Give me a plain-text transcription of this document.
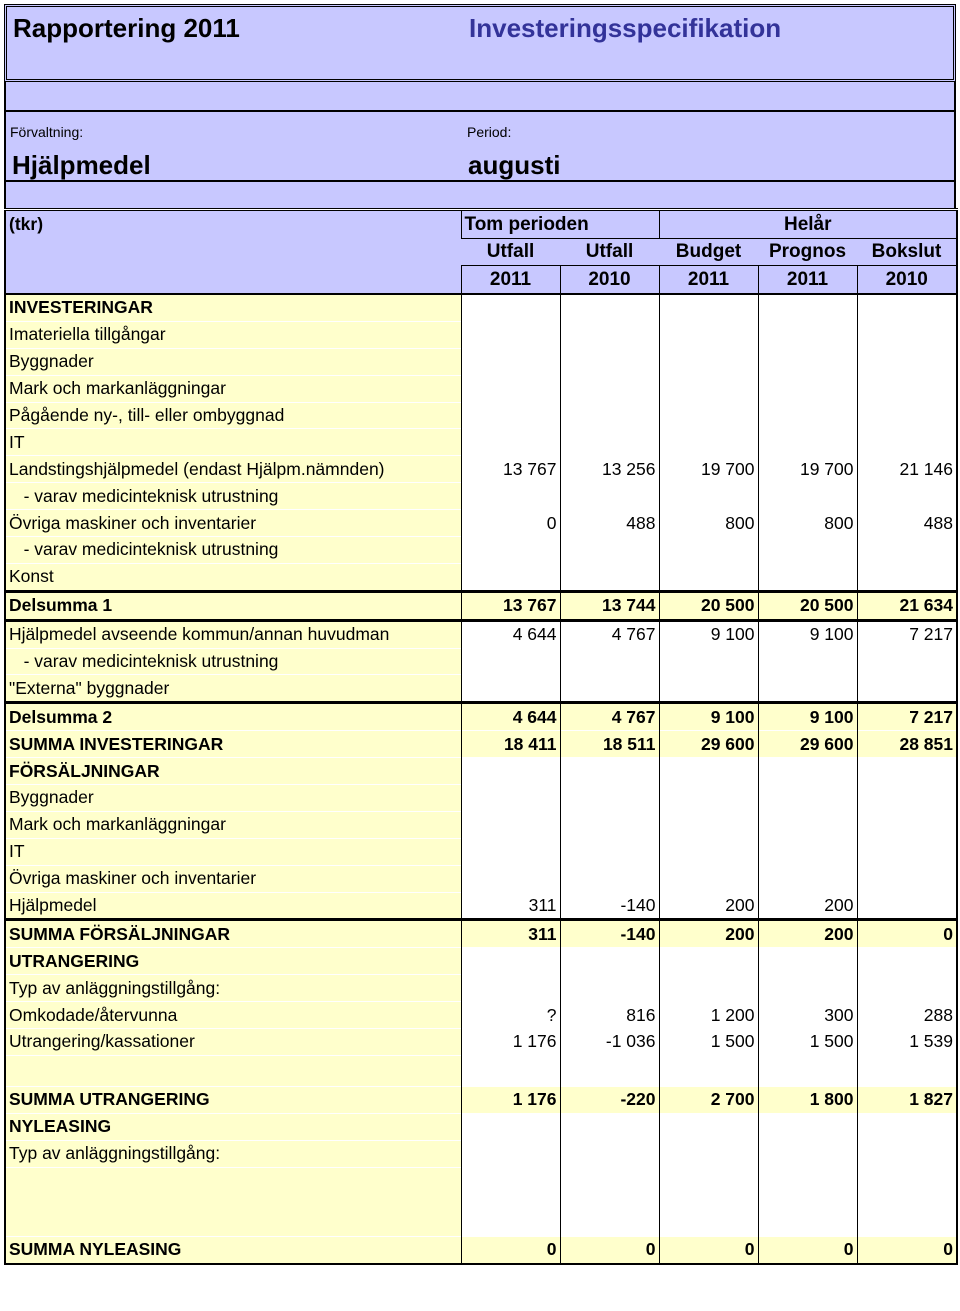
Rapportering 2011	Investeringsspecifikation
Förvaltning:
Hjälpmedel
Period:
augusti
(tkr)	Tom perioden		Helår		
	Utfall	Utfall	Budget	Prognos	Bokslut
	2011	2010	2011	2011	2010
INVESTERINGAR					
Imateriella tillgångar					
Byggnader					
Mark och markanläggningar					
Pågående ny-, till- eller ombyggnad					
IT					
Landstingshjälpmedel (endast Hjälpm.nämnden)	13 767	13 256	19 700	19 700	21 146
- varav medicinteknisk utrustning					
Övriga maskiner och inventarier	0	488	800	800	488
- varav medicinteknisk utrustning					
Konst					
Delsumma 1	13 767	13 744	20 500	20 500	21 634
Hjälpmedel avseende kommun/annan huvudman	4 644	4 767	9 100	9 100	7 217
- varav medicinteknisk utrustning					
"Externa" byggnader					
Delsumma 2	4 644	4 767	9 100	9 100	7 217
SUMMA INVESTERINGAR	18 411	18 511	29 600	29 600	28 851
FÖRSÄLJNINGAR					
Byggnader					
Mark och markanläggningar					
IT					
Övriga maskiner och inventarier					
Hjälpmedel	311	-140	200	200	
SUMMA FÖRSÄLJNINGAR	311	-140	200	200	0
UTRANGERING					
Typ av anläggningstillgång:					
Omkodade/återvunna	?	816	1 200	300	288
Utrangering/kassationer	1 176	-1 036	1 500	1 500	1 539

SUMMA UTRANGERING	1 176	-220	2 700	1 800	1 827
NYLEASING					
Typ av anläggningstillgång:					

SUMMA NYLEASING	0	0	0	0	0
